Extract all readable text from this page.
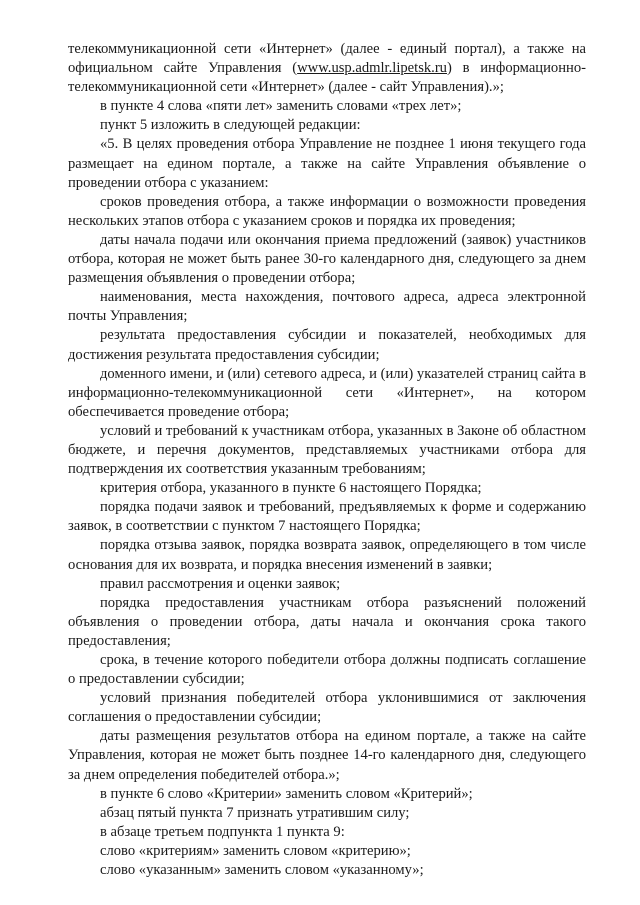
телекоммуникационной сети «Интернет» (далее - единый портал), а также на официальном сайте Управления (www.usp.admlr.lipetsk.ru) в информационно-телекоммуникационной сети «Интернет» (далее - сайт Управления).»;

в пункте 4 слова «пяти лет» заменить словами «трех лет»;

пункт 5 изложить в следующей редакции:

«5. В целях проведения отбора Управление не позднее 1 июня текущего года размещает на едином портале, а также на сайте Управления объявление о проведении отбора с указанием:

сроков проведения отбора, а также информации о возможности проведения нескольких этапов отбора с указанием сроков и порядка их проведения;

даты начала подачи или окончания приема предложений (заявок) участников отбора, которая не может быть ранее 30-го календарного дня, следующего за днем размещения объявления о проведении отбора;

наименования, места нахождения, почтового адреса, адреса электронной почты Управления;

результата предоставления субсидии и показателей, необходимых для достижения результата предоставления субсидии;

доменного имени, и (или) сетевого адреса, и (или) указателей страниц сайта в информационно-телекоммуникационной сети «Интернет», на котором обеспечивается проведение отбора;

условий и требований к участникам отбора, указанных в Законе об областном бюджете, и перечня документов, представляемых участниками отбора для подтверждения их соответствия указанным требованиям;

критерия отбора, указанного в пункте 6 настоящего Порядка;

порядка подачи заявок и требований, предъявляемых к форме и содержанию заявок, в соответствии с пунктом 7 настоящего Порядка;

порядка отзыва заявок, порядка возврата заявок, определяющего в том числе основания для их возврата, и порядка внесения изменений в заявки;

правил рассмотрения и оценки заявок;

порядка предоставления участникам отбора разъяснений положений объявления о проведении отбора, даты начала и окончания срока такого предоставления;

срока, в течение которого победители отбора должны подписать соглашение о предоставлении субсидии;

условий признания победителей отбора уклонившимися от заключения соглашения о предоставлении субсидии;

даты размещения результатов отбора на едином портале, а также на сайте Управления, которая не может быть позднее 14-го календарного дня, следующего за днем определения победителей отбора.»;

в пункте 6 слово «Критерии» заменить словом «Критерий»;

абзац пятый пункта 7 признать утратившим силу;

в абзаце третьем подпункта 1 пункта 9:

слово «критериям» заменить словом «критерию»;

слово «указанным» заменить словом «указанному»;
